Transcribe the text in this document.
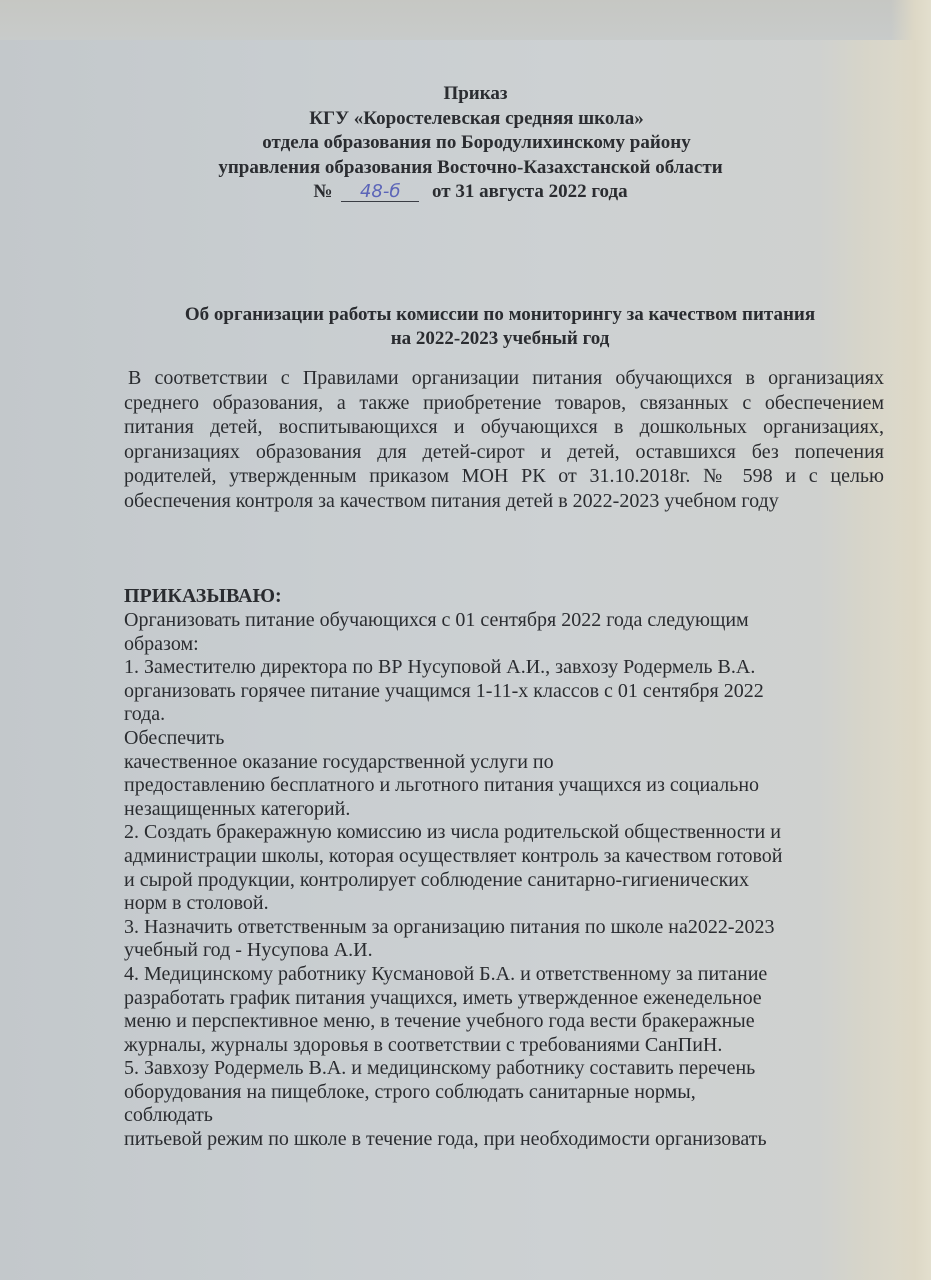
Приказ
КГУ «Коростелевская средняя школа»
отдела образования по Бородулихинскому району
управления образования Восточно-Казахстанской области
№ 48-б от 31 августа 2022 года
Об организации работы комиссии по мониторингу за качеством питания
на 2022-2023 учебный год
В соответствии с Правилами организации питания обучающихся в организациях среднего образования, а также приобретение товаров, связанных с обеспечением питания детей, воспитывающихся и обучающихся в дошкольных организациях, организациях образования для детей-сирот и детей, оставшихся без попечения родителей, утвержденным приказом МОН РК от 31.10.2018г. № 598 и с целью обеспечения контроля за качеством питания детей в 2022-2023 учебном году
ПРИКАЗЫВАЮ:

Организовать питание обучающихся с 01 сентября 2022 года следующим

образом:

1. Заместителю директора по ВР Нусуповой А.И., завхозу Родермель В.А.

организовать горячее питание учащимся 1-11-х классов с 01 сентября 2022

года.

Обеспечить

качественное оказание государственной услуги по

предоставлению бесплатного и льготного питания учащихся из социально

незащищенных категорий.

2. Создать бракеражную комиссию из числа родительской общественности и

администрации школы, которая осуществляет контроль за качеством готовой

и сырой продукции, контролирует соблюдение санитарно-гигиенических

норм в столовой.

3. Назначить ответственным за организацию питания по школе на2022-2023

учебный год - Нусупова А.И.

4. Медицинскому работнику Кусмановой Б.А. и ответственному за питание

разработать график питания учащихся, иметь утвержденное еженедельное

меню и перспективное меню, в течение учебного года вести бракеражные

журналы, журналы здоровья в соответствии с требованиями СанПиН.

5. Завхозу Родермель В.А. и медицинскому работнику составить перечень

оборудования на пищеблоке, строго соблюдать санитарные нормы,

соблюдать

питьевой режим по школе в течение года, при необходимости организовать
